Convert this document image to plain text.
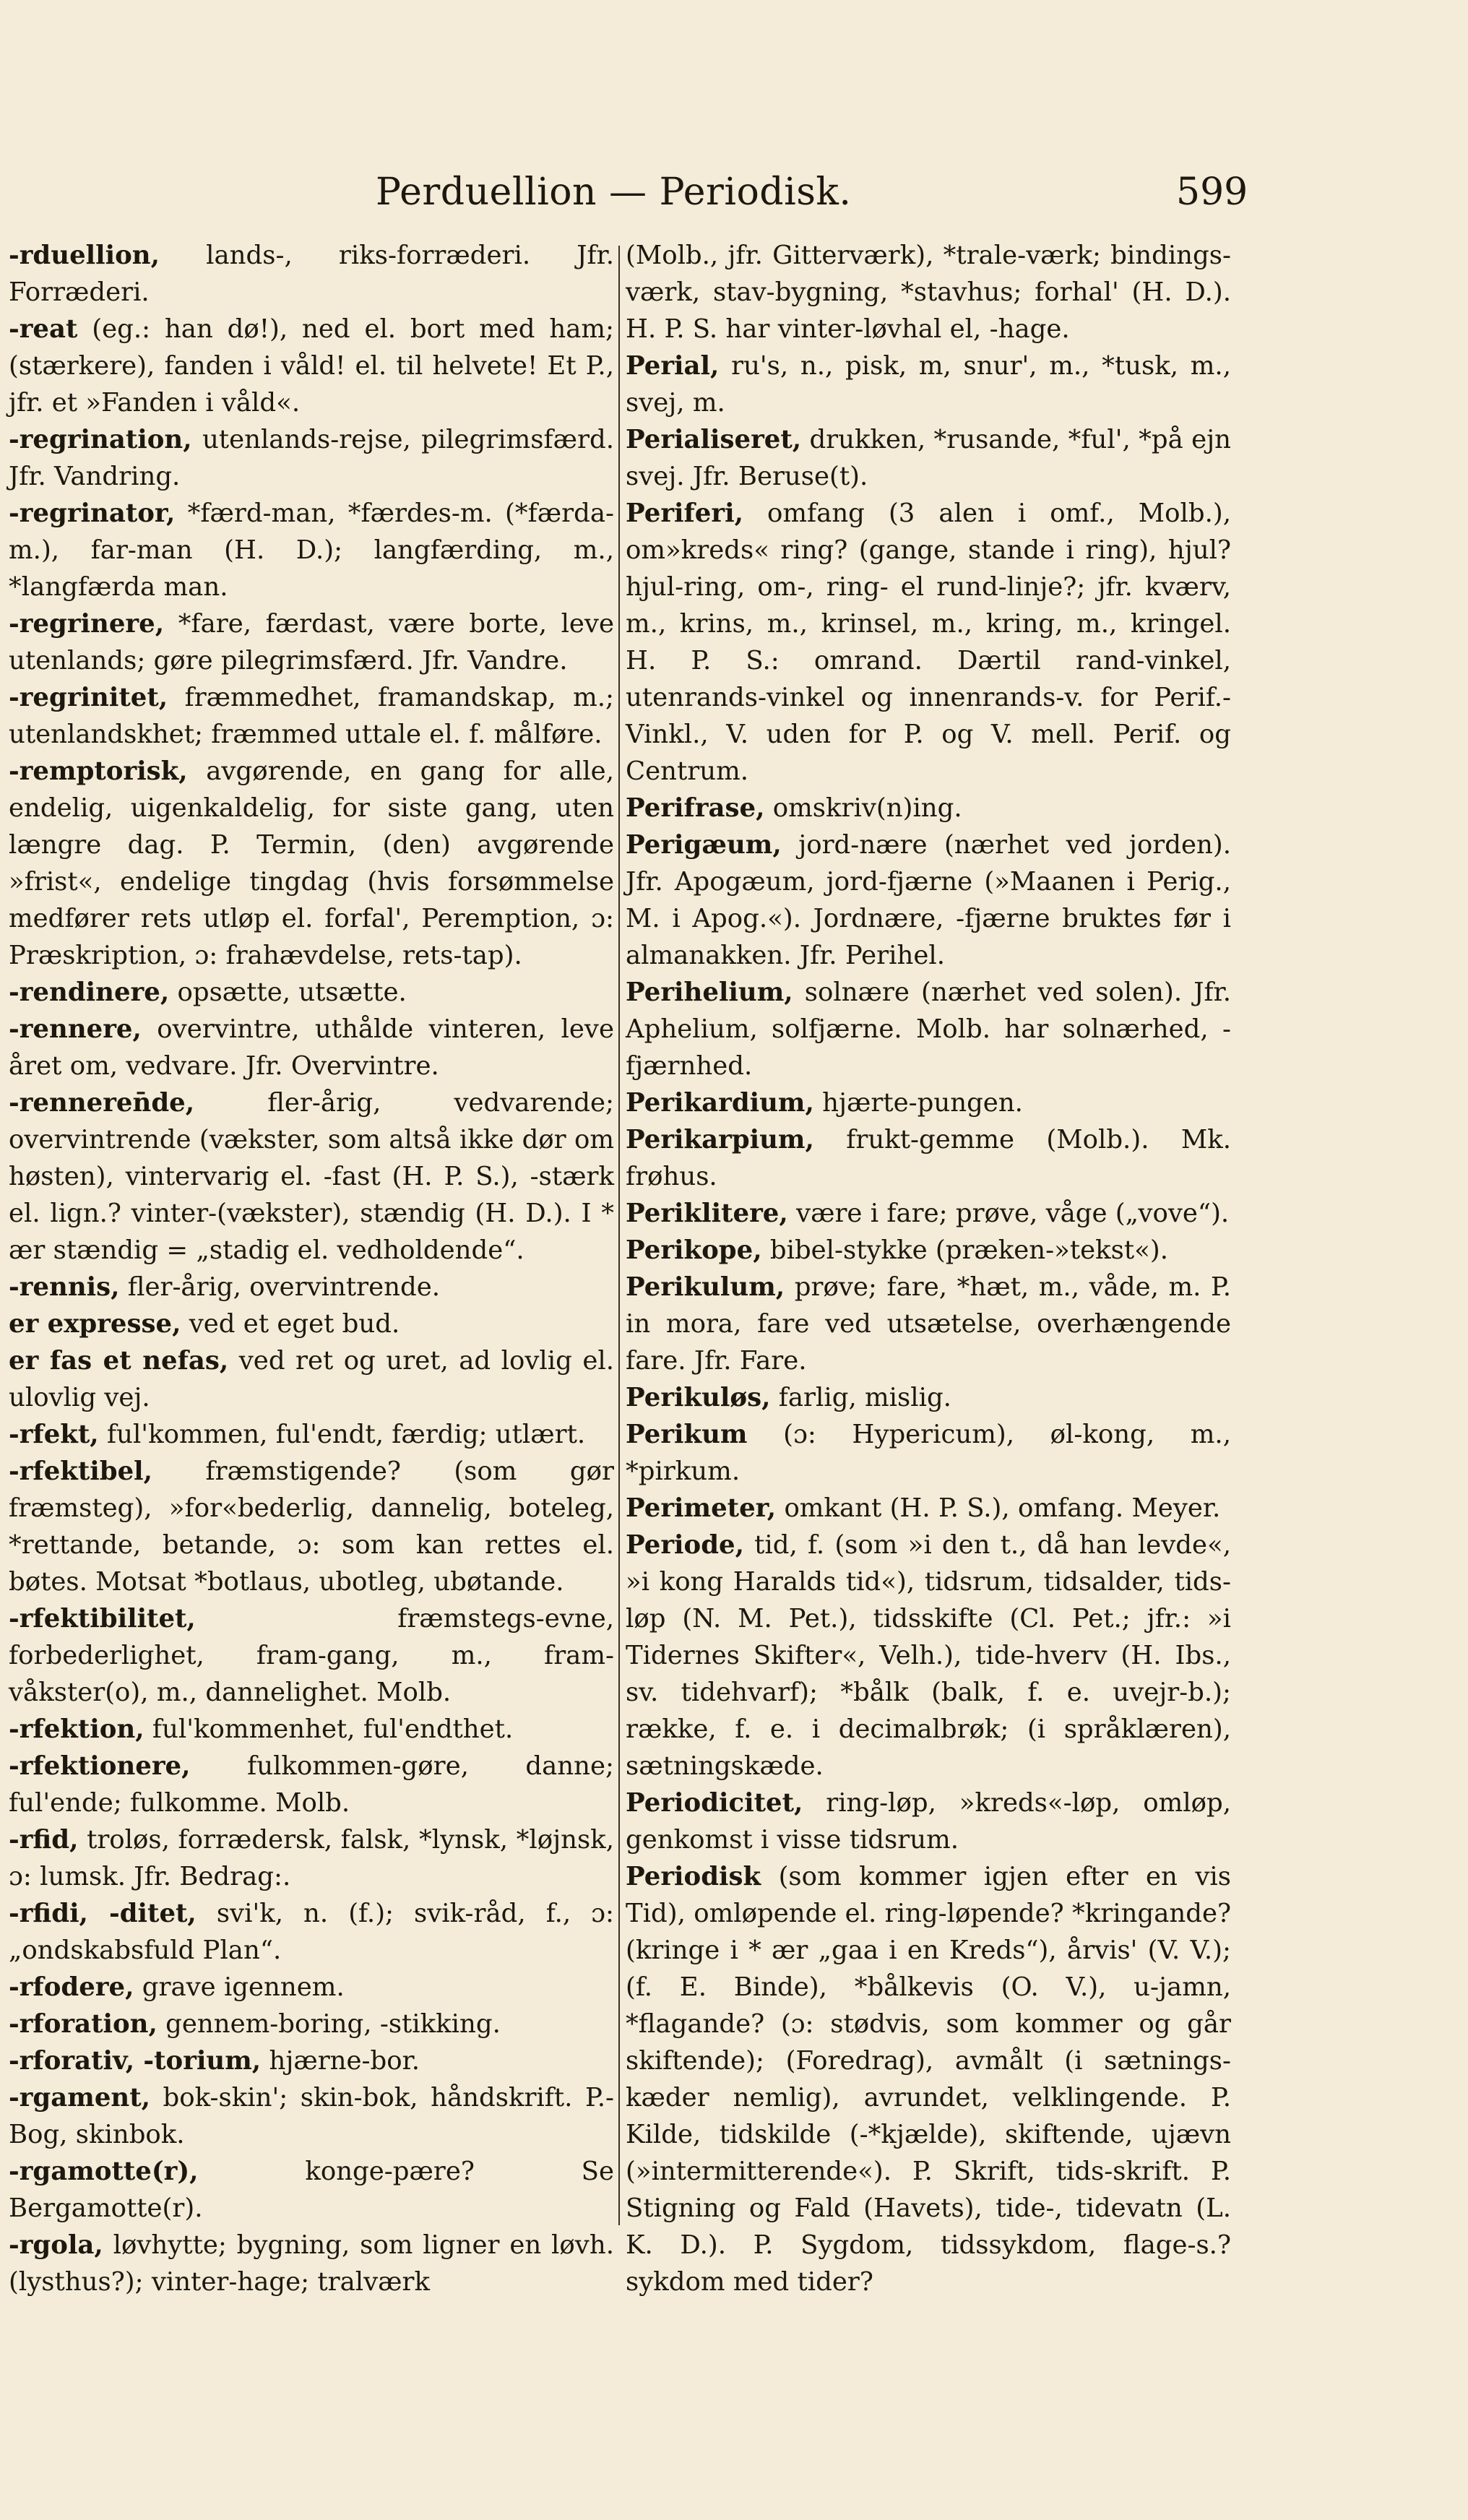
Perduellion — Periodisk.	599

-rduellion, lands-, riks-forræderi. Jfr. Forræderi.

-reat (eg.: han dø!), ned el. bort med ham; (stærkere), fanden i våld! el. til helvete! Et P., jfr. et »Fanden i våld«.

-regrination, utenlands-rejse, pilegrimsfærd. Jfr. Vandring.

-regrinator, *færd-man, *færdes-m. (*færda-m.), far-man (H. D.); langfærding, m., *langfærda man.

-regrinere, *fare, færdast, være borte, leve utenlands; gøre pilegrimsfærd. Jfr. Vandre.

-regrinitet, fræmmedhet, framandskap, m.; utenlandskhet; fræmmed uttale el. f. målføre.

-remptorisk, avgørende, en gang for alle, endelig, uigenkaldelig, for siste gang, uten længre dag. P. Termin, (den) avgørende »frist«, endelige tingdag (hvis forsømmelse medfører rets utløp el. forfal', Peremption, ɔ: Præskription, ɔ: frahævdelse, rets-tap).

-rendinere, opsætte, utsætte.

-rennere, overvintre, uthålde vinteren, leve året om, vedvare. Jfr. Overvintre.

-renneren̄de,	fler-årig, vedvarende; overvintrende (vækster, som altså ikke dør om høsten), vintervarig el. -fast (H. P. S.), -stærk el. lign.? vinter-(vækster), stændig (H. D.). I * ær stændig = „stadig el. vedholdende“.

-rennis, fler-årig, overvintrende.

er expresse, ved et eget bud.

er fas et nefas, ved ret og uret, ad lovlig el. ulovlig vej.

-rfekt, ful'kommen, ful'endt, færdig; utlært.

-rfektibel, fræmstigende? (som gør fræmsteg), »for«bederlig, dannelig, boteleg, *rettande, betande, ɔ: som kan rettes el. bøtes. Motsat *botlaus, ubotleg, ubøtande.

-rfektibilitet,	fræmstegs-evne, forbederlighet, fram-gang, m., fram-våkster(o), m., dannelighet. Molb.

-rfektion, ful'kommenhet, ful'endthet.

-rfektionere, fulkommen-gøre, danne; ful'ende; fulkomme. Molb.

-rfid, troløs, forrædersk, falsk, *lynsk, *løjnsk, ɔ: lumsk. Jfr. Bedrag:.

-rfidi, -ditet, svi'k, n. (f.); svik-råd, f., ɔ: „ondskabsfuld Plan“.

-rfodere, grave igennem.

-rforation, gennem-boring, -stikking.

-rforativ, -torium, hjærne-bor.

-rgament, bok-skin'; skin-bok, håndskrift. P.-Bog, skinbok.

-rgamotte(r),	konge-pære? Se Bergamotte(r).

-rgola, løvhytte; bygning, som ligner en løvh. (lysthus?); vinter-hage; tralværk

(Molb., jfr. Gitterværk), *trale-værk; bindings-værk, stav-bygning, *stavhus; forhal' (H. D.). H. P. S. har vinter-løvhal el, -hage.

Perial, ru's, n., pisk, m, snur', m., *tusk, m., svej, m.

Perialiseret, drukken, *rusande, *ful', *på ejn svej. Jfr. Beruse(t).

Periferi, omfang (3 alen i omf., Molb.), om»kreds« ring? (gange, stande i ring), hjul? hjul-ring, om-, ring- el rund-linje?; jfr. kværv, m., krins, m., krinsel, m., kring, m., kringel. H. P. S.: omrand. Dærtil rand-vinkel, utenrands-vinkel og innenrands-v. for Perif.-Vinkl., V. uden for P. og V. mell. Perif. og Centrum.

Perifrase, omskriv(n)ing.

Perigæum, jord-nære (nærhet ved jorden). Jfr. Apogæum, jord-fjærne (»Maanen i Perig., M. i Apog.«). Jordnære, -fjærne bruktes før i almanakken. Jfr. Perihel.

Perihelium, solnære (nærhet ved solen). Jfr. Aphelium, solfjærne. Molb. har solnærhed, -fjærnhed.

Perikardium, hjærte-pungen.

Perikarpium, frukt-gemme (Molb.). Mk. frøhus.

Periklitere, være i fare; prøve, våge („vove“).

Perikope, bibel-stykke (præken-»tekst«).

Perikulum, prøve; fare, *hæt, m., våde, m. P. in mora, fare ved utsætelse, overhængende fare. Jfr. Fare.

Perikuløs, farlig, mislig.

Perikum (ɔ: Hypericum), øl-kong, m., *pirkum.

Perimeter, omkant (H. P. S.), omfang. Meyer.

Periode, tid, f. (som »i den t., då han levde«, »i kong Haralds tid«), tidsrum, tidsalder, tids-løp (N. M. Pet.), tidsskifte (Cl. Pet.; jfr.: »i Tidernes Skifter«, Velh.), tide-hverv (H. Ibs., sv. tidehvarf); *bålk (balk, f. e. uvejr-b.); række, f. e. i decimalbrøk; (i språklæren), sætningskæde.

Periodicitet, ring-løp, »kreds«-løp, omløp, genkomst i visse tidsrum.

Periodisk (som kommer igjen efter en vis Tid), omløpende el. ring-løpende? *kringande? (kringe i * ær „gaa i en Kreds“), årvis' (V. V.); (f. E. Binde), *bålkevis (O. V.), u-jamn, *flagande? (ɔ: stødvis, som kommer og går skiftende); (Foredrag), avmålt (i sætnings-kæder nemlig), avrundet, velklingende. P. Kilde, tidskilde (-*kjælde), skiftende, ujævn (»intermitterende«). P. Skrift, tids-skrift. P. Stigning og Fald (Havets), tide-, tidevatn (L. K. D.). P. Sygdom, tidssykdom, flage-s.? sykdom med tider?
